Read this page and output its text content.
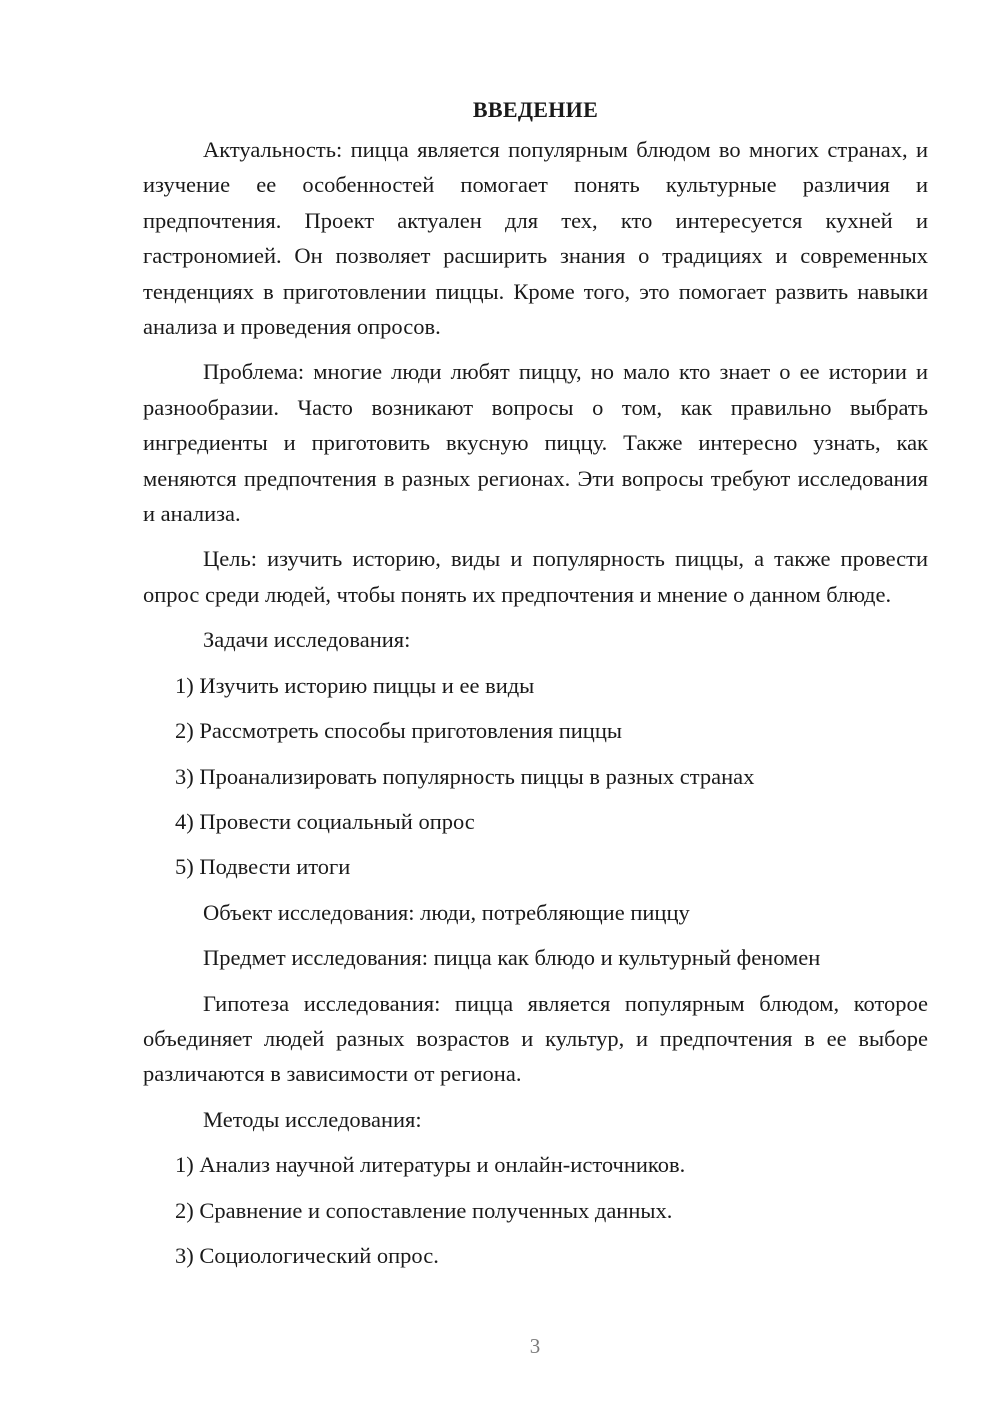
ВВЕДЕНИЕ

Актуальность: пицца является популярным блюдом во многих странах, и изучение ее особенностей помогает понять культурные различия и предпочтения. Проект актуален для тех, кто интересуется кухней и гастрономией. Он позволяет расширить знания о традициях и современных тенденциях в приготовлении пиццы. Кроме того, это помогает развить навыки анализа и проведения опросов.

Проблема: многие люди любят пиццу, но мало кто знает о ее истории и разнообразии. Часто возникают вопросы о том, как правильно выбрать ингредиенты и приготовить вкусную пиццу. Также интересно узнать, как меняются предпочтения в разных регионах. Эти вопросы требуют исследования и анализа.

Цель: изучить историю, виды и популярность пиццы, а также провести опрос среди людей, чтобы понять их предпочтения и мнение о данном блюде.

Задачи исследования:
1) Изучить историю пиццы и ее виды
2) Рассмотреть способы приготовления пиццы
3) Проанализировать популярность пиццы в разных странах
4) Провести социальный опрос
5) Подвести итоги
Объект исследования: люди, потребляющие пиццу
Предмет исследования: пицца как блюдо и культурный феномен

Гипотеза исследования: пицца является популярным блюдом, которое объединяет людей разных возрастов и культур, и предпочтения в ее выборе различаются в зависимости от региона.

Методы исследования:
1) Анализ научной литературы и онлайн-источников.
2) Сравнение и сопоставление полученных данных.
3) Социологический опрос.
3
